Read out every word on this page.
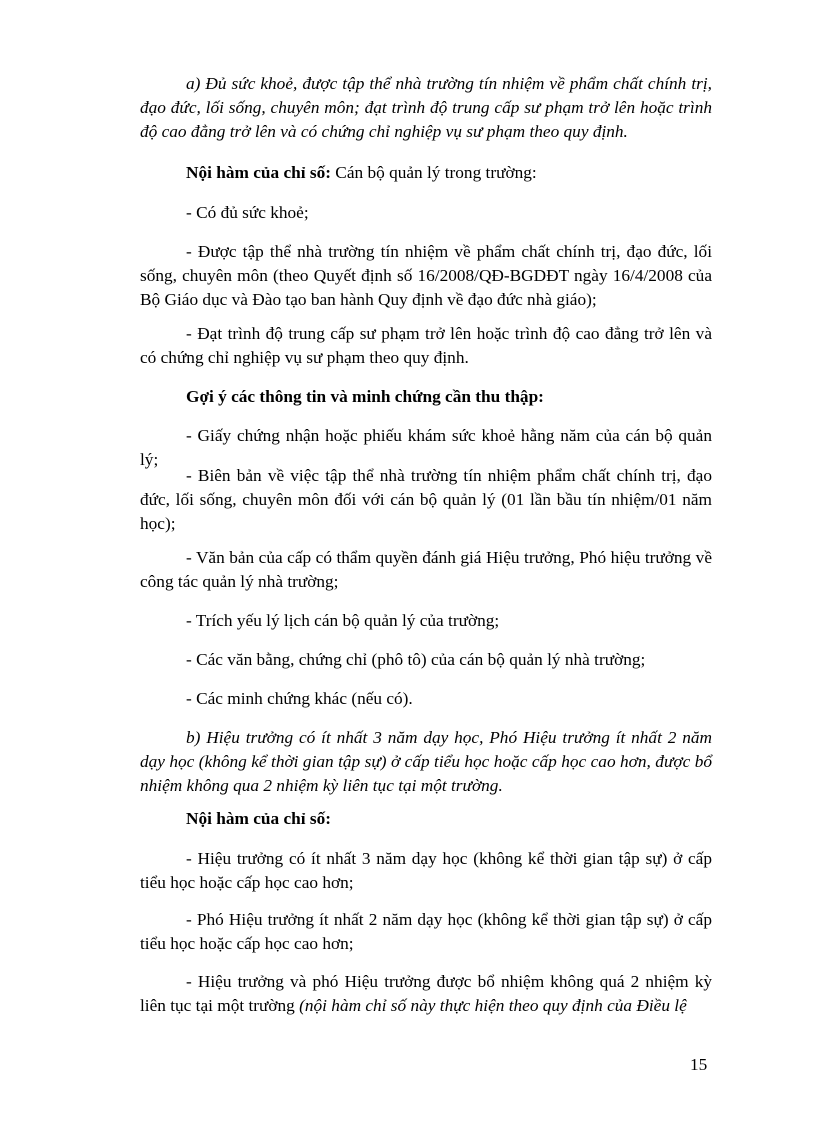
a) Đủ sức khoẻ, được tập thể nhà trường tín nhiệm về phẩm chất chính trị, đạo đức, lối sống, chuyên môn; đạt trình độ trung cấp sư phạm trở lên hoặc trình độ cao đẳng trở lên và có chứng chỉ nghiệp vụ sư phạm theo quy định.

Nội hàm của chỉ số: Cán bộ quản lý trong trường:

- Có đủ sức khoẻ;

- Được tập thể nhà trường tín nhiệm về phẩm chất chính trị, đạo đức, lối sống, chuyên môn (theo Quyết định số 16/2008/QĐ-BGDĐT ngày 16/4/2008 của Bộ Giáo dục và Đào tạo ban hành Quy định về đạo đức nhà giáo);

- Đạt trình độ trung cấp sư phạm trở lên hoặc trình độ cao đẳng trở lên và có chứng chỉ nghiệp vụ sư phạm theo quy định.

Gợi ý các thông tin và minh chứng cần thu thập:

- Giấy chứng nhận hoặc phiếu khám sức khoẻ hằng năm của cán bộ quản lý;

- Biên bản về việc tập thể nhà trường tín nhiệm phẩm chất chính trị, đạo đức, lối sống, chuyên môn đối với cán bộ quản lý (01 lần bầu tín nhiệm/01 năm học);

- Văn bản của cấp có thẩm quyền đánh giá Hiệu trưởng, Phó hiệu trưởng về công tác quản lý nhà trường;

- Trích yếu lý lịch cán bộ quản lý của trường;

- Các văn bằng, chứng chỉ (phô tô) của cán bộ quản lý nhà trường;

- Các minh chứng khác (nếu có).

b) Hiệu trưởng có ít nhất 3 năm dạy học, Phó Hiệu trưởng ít nhất 2 năm dạy học (không kể thời gian tập sự) ở cấp tiểu học hoặc cấp học cao hơn, được bổ nhiệm không qua 2 nhiệm kỳ liên tục tại một trường.

Nội hàm của chỉ số:

- Hiệu trưởng có ít nhất 3 năm dạy học (không kể thời gian tập sự) ở cấp tiểu học hoặc cấp học cao hơn;

- Phó Hiệu trưởng ít nhất 2 năm dạy học (không kể thời gian tập sự) ở cấp tiểu học hoặc cấp học cao hơn;

- Hiệu trưởng và phó Hiệu trưởng được bổ nhiệm không quá 2 nhiệm kỳ liên tục tại một trường (nội hàm chỉ số này thực hiện theo quy định của Điều lệ

15
